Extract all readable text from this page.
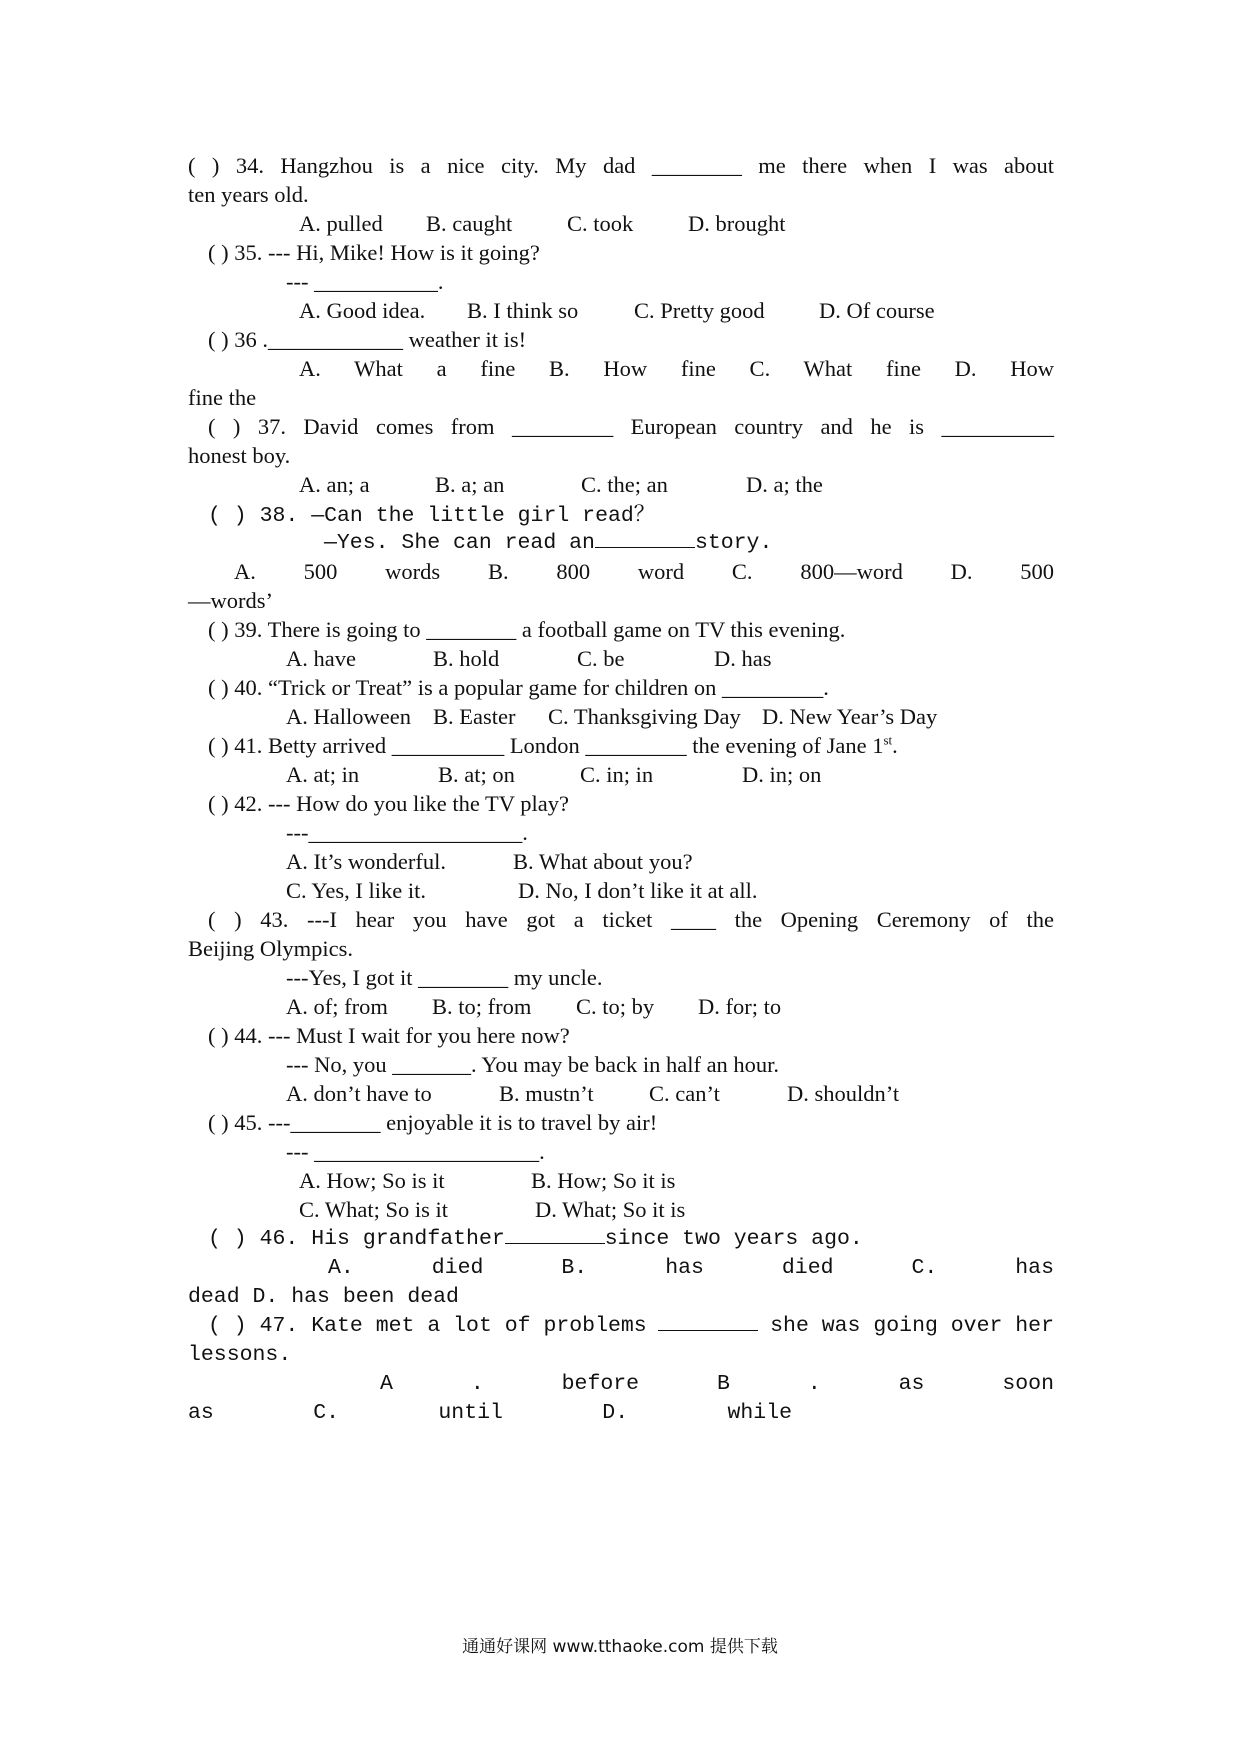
( ) 34. Hangzhou is a nice city. My dad ________ me there when I was about
ten years old.
A. pulled B. caught C. took D. brought
( ) 35. --- Hi, Mike! How is it going?
--- ___________.
A. Good idea. B. I think so C. Pretty good D. Of course
( ) 36 .____________ weather it is!
A. What a fine B. How fine C. What fine D. How
fine the
( ) 37. David comes from _________ European country and he is __________
honest boy.
A. an; a	B. a; an	C. the; an	D. a; the
( ) 38. —Can the little girl read？
—Yes. She can read an	story.
A. 500 words B. 800 word C. 800—word D. 500
—words’
( ) 39. There is going to ________ a football game on TV this evening.
A. have	B. hold	C. be	D. has
( ) 40. “Trick or Treat” is a popular game for children on _________.
A. Halloween B. Easter C. Thanksgiving Day D. New Year’s Day
( ) 41. Betty arrived __________ London _________ the evening of Jane 1st.
A. at; in	B. at; on	C. in; in	D. in; on
( ) 42. --- How do you like the TV play?
---___________________.
A. It’s wonderful.	B. What about you?
C. Yes, I like it.	D. No, I don’t like it at all.
( ) 43. ---I hear you have got a ticket ____ the Opening Ceremony of the
Beijing Olympics.
---Yes, I got it ________ my uncle.
A. of; from B. to; from C. to; by D. for; to
( ) 44. --- Must I wait for you here now?
--- No, you _______. You may be back in half an hour.
A. don’t have to	B. mustn’t C. can’t	D. shouldn’t
( ) 45. ---________ enjoyable it is to travel by air!
--- ____________________.
A. How; So is it	B. How; So it is
C. What; So is it	D. What; So it is
( ) 46. His grandfather	since two years ago.
A. died B. has died C. has
dead D. has been dead
( ) 47. Kate met a lot of problems	she was going over her
lessons.
A . before B . as soon
as C. until D. while
通通好课网 www.tthaoke.com 提供下载
